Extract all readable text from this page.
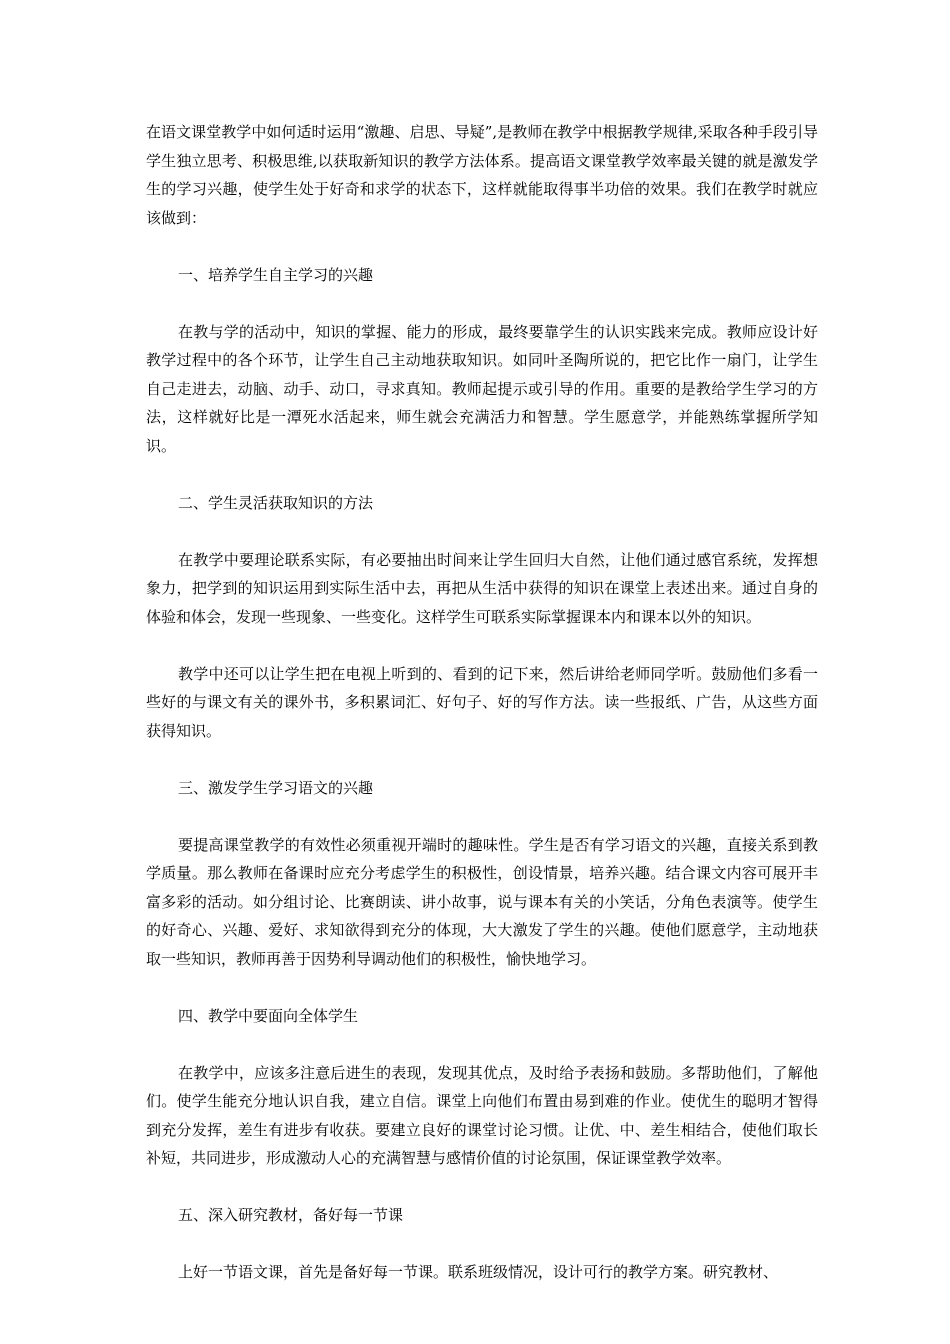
在语文课堂教学中如何适时运用“激趣、启思、导疑”,是教师在教学中根据教学规律,采取各种手段引导学生独立思考、积极思维,以获取新知识的教学方法体系。提高语文课堂教学效率最关键的就是激发学生的学习兴趣，使学生处于好奇和求学的状态下，这样就能取得事半功倍的效果。我们在教学时就应该做到：

一、培养学生自主学习的兴趣

在教与学的活动中，知识的掌握、能力的形成，最终要靠学生的认识实践来完成。教师应设计好教学过程中的各个环节，让学生自己主动地获取知识。如同叶圣陶所说的，把它比作一扇门，让学生自己走进去，动脑、动手、动口，寻求真知。教师起提示或引导的作用。重要的是教给学生学习的方法，这样就好比是一潭死水活起来，师生就会充满活力和智慧。学生愿意学，并能熟练掌握所学知识。

二、学生灵活获取知识的方法

在教学中要理论联系实际，有必要抽出时间来让学生回归大自然，让他们通过感官系统，发挥想象力，把学到的知识运用到实际生活中去，再把从生活中获得的知识在课堂上表述出来。通过自身的体验和体会，发现一些现象、一些变化。这样学生可联系实际掌握课本内和课本以外的知识。

教学中还可以让学生把在电视上听到的、看到的记下来，然后讲给老师同学听。鼓励他们多看一些好的与课文有关的课外书，多积累词汇、好句子、好的写作方法。读一些报纸、广告，从这些方面获得知识。

三、激发学生学习语文的兴趣

要提高课堂教学的有效性必须重视开端时的趣味性。学生是否有学习语文的兴趣，直接关系到教学质量。那么教师在备课时应充分考虑学生的积极性，创设情景，培养兴趣。结合课文内容可展开丰富多彩的活动。如分组讨论、比赛朗读、讲小故事，说与课本有关的小笑话，分角色表演等。使学生的好奇心、兴趣、爱好、求知欲得到充分的体现，大大激发了学生的兴趣。使他们愿意学，主动地获取一些知识，教师再善于因势利导调动他们的积极性，愉快地学习。

四、教学中要面向全体学生

在教学中，应该多注意后进生的表现，发现其优点，及时给予表扬和鼓励。多帮助他们，了解他们。使学生能充分地认识自我，建立自信。课堂上向他们布置由易到难的作业。使优生的聪明才智得到充分发挥，差生有进步有收获。要建立良好的课堂讨论习惯。让优、中、差生相结合，使他们取长补短，共同进步，形成激动人心的充满智慧与感情价值的讨论氛围，保证课堂教学效率。

五、深入研究教材，备好每一节课

上好一节语文课，首先是备好每一节课。联系班级情况，设计可行的教学方案。研究教材、
